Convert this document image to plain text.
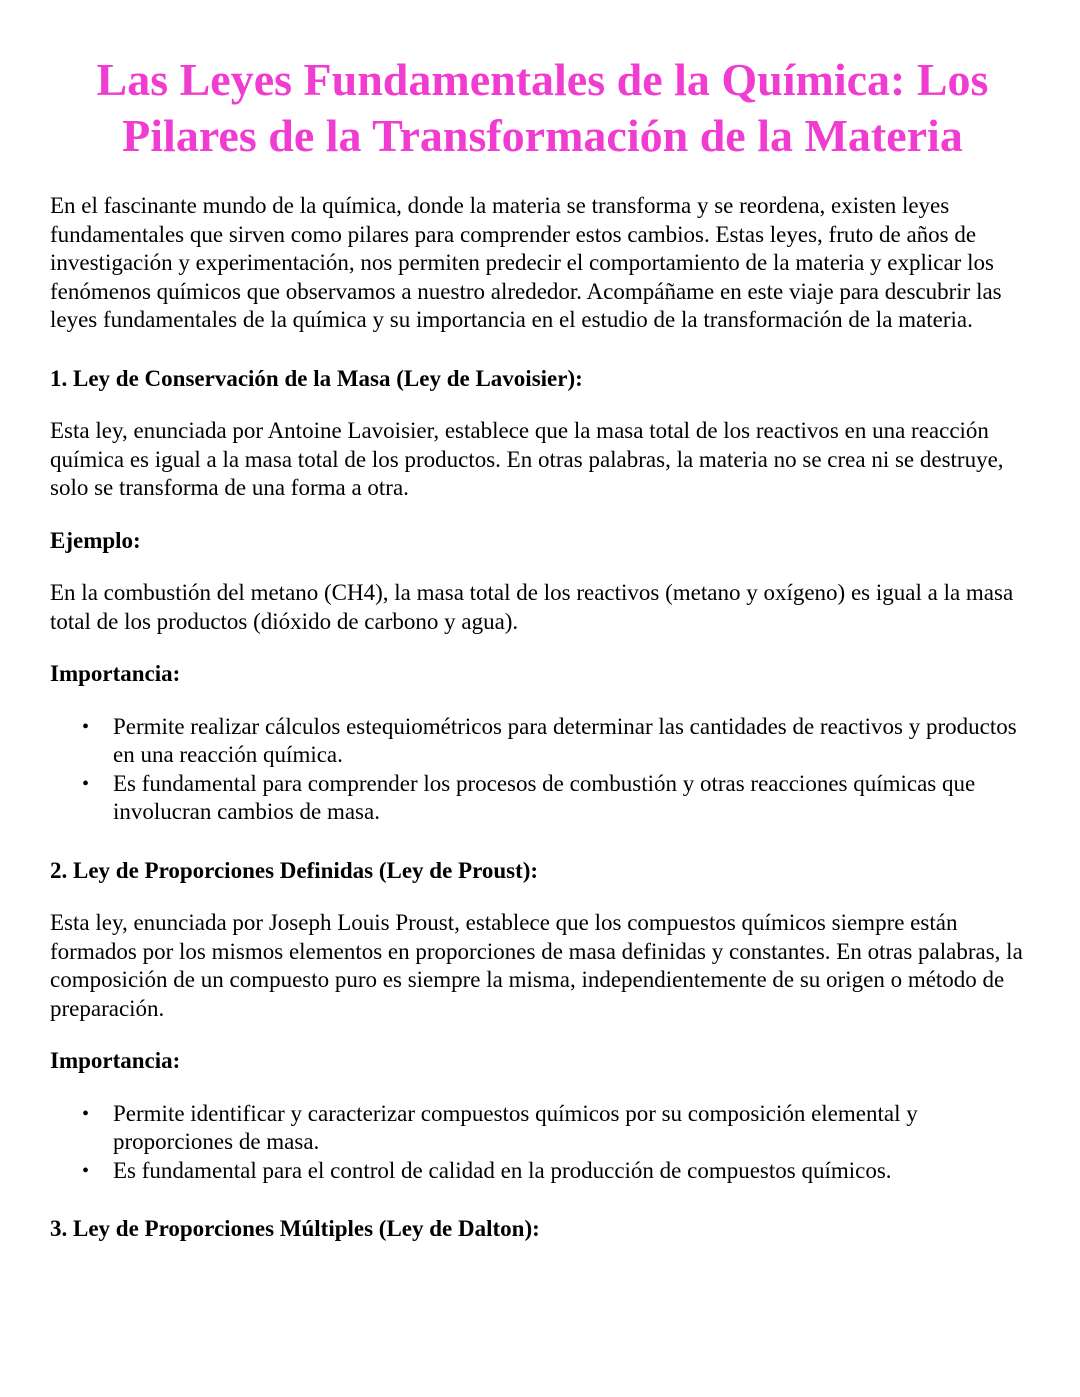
Las Leyes Fundamentales de la Química: Los Pilares de la Transformación de la Materia

En el fascinante mundo de la química, donde la materia se transforma y se reordena, existen leyes fundamentales que sirven como pilares para comprender estos cambios. Estas leyes, fruto de años de investigación y experimentación, nos permiten predecir el comportamiento de la materia y explicar los fenómenos químicos que observamos a nuestro alrededor. Acompáñame en este viaje para descubrir las leyes fundamentales de la química y su importancia en el estudio de la transformación de la materia.

1. Ley de Conservación de la Masa (Ley de Lavoisier):

Esta ley, enunciada por Antoine Lavoisier, establece que la masa total de los reactivos en una reacción química es igual a la masa total de los productos. En otras palabras, la materia no se crea ni se destruye, solo se transforma de una forma a otra.

Ejemplo:

En la combustión del metano (CH4), la masa total de los reactivos (metano y oxígeno) es igual a la masa total de los productos (dióxido de carbono y agua).

Importancia:

• Permite realizar cálculos estequiométricos para determinar las cantidades de reactivos y productos en una reacción química.
• Es fundamental para comprender los procesos de combustión y otras reacciones químicas que involucran cambios de masa.
2. Ley de Proporciones Definidas (Ley de Proust):

Esta ley, enunciada por Joseph Louis Proust, establece que los compuestos químicos siempre están formados por los mismos elementos en proporciones de masa definidas y constantes. En otras palabras, la composición de un compuesto puro es siempre la misma, independientemente de su origen o método de preparación.

Importancia:

• Permite identificar y caracterizar compuestos químicos por su composición elemental y proporciones de masa.
• Es fundamental para el control de calidad en la producción de compuestos químicos.
3. Ley de Proporciones Múltiples (Ley de Dalton):
